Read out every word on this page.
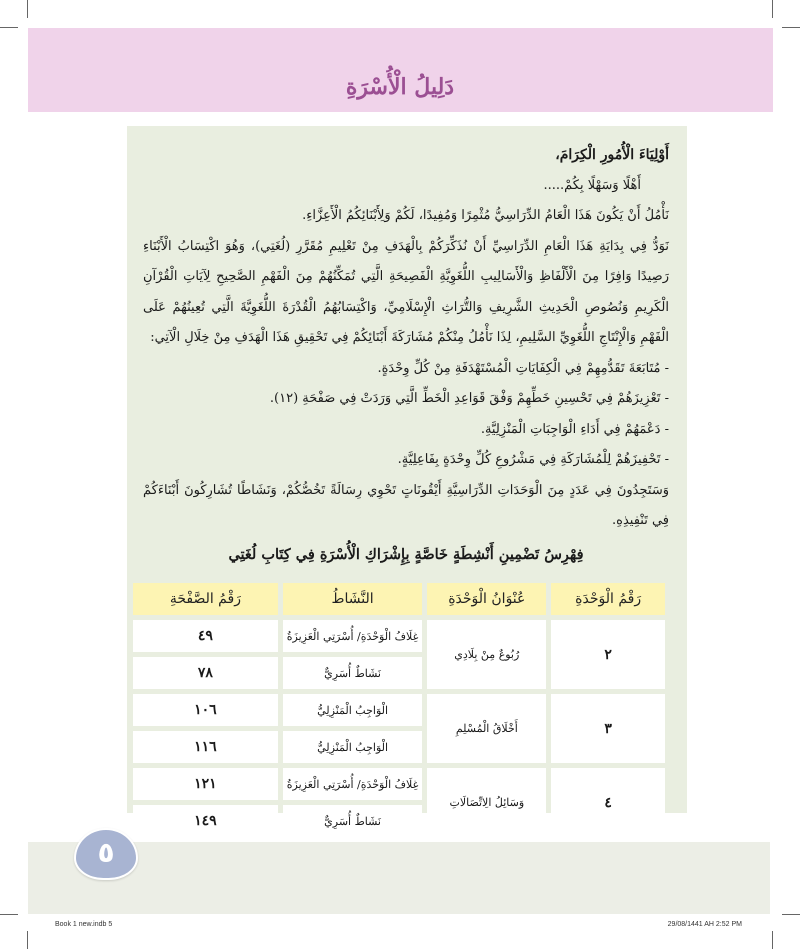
دَلِيلُ الْأُسْرَةِ

أَوْلِيَاءَ الْأُمُورِ الْكِرَامَ،

أَهْلًا وَسَهْلًا بِكُمْ.....

نَأْمُلُ أَنْ يَكُونَ هَذَا الْعَامُ الدِّرَاسِيُّ مُثْمِرًا وَمُفِيدًا، لَكُمْ وَلِأَبْنَائِكُمُ الْأَعِزَّاءِ.

نَوَدُّ فِي بِدَايَةِ هَذَا الْعَامِ الدِّرَاسِيِّ أَنْ نُذَكِّرَكُمْ بِالْهَدَفِ مِنْ تَعْلِيمِ مُقَرَّرِ (لُغَتِي)، وَهُوَ اكْتِسَابُ الْأَبْنَاءِ رَصِيدًا وَافِرًا مِنَ الْأَلْفَاظِ وَالْأَسَالِيبِ اللُّغَوِيَّةِ الْفَصِيحَةِ الَّتِي تُمَكِّنُهُمْ مِنَ الْفَهْمِ الصَّحِيحِ لِآيَاتِ الْقُرْآنِ الْكَرِيمِ وَنُصُوصِ الْحَدِيثِ الشَّرِيفِ وَالتُّرَاثِ الْإِسْلَامِيِّ، وَاكْتِسَابُهُمُ الْقُدْرَةَ اللُّغَوِيَّةَ الَّتِي تُعِينُهُمْ عَلَى الْفَهْمِ وَالْإِنْتَاجِ اللُّغَوِيِّ السَّلِيمِ، لِذَا نَأْمُلُ مِنْكُمْ مُشَارَكَةَ أَبْنَائِكُمْ فِي تَحْقِيقِ هَذَا الْهَدَفِ مِنْ خِلَالِ الْآتِي:

- مُتَابَعَةَ تَقَدُّمِهِمْ فِي الْكِفَايَاتِ الْمُسْتَهْدَفَةِ مِنْ كُلِّ وِحْدَةٍ.

- تَعْزِيزَهُمْ فِي تَحْسِينِ خَطِّهِمْ وَفْقَ قَوَاعِدِ الْخَطِّ الَّتِي وَرَدَتْ فِي صَفْحَةِ (١٢).

- دَعْمَهُمْ فِي أَدَاءِ الْوَاجِبَاتِ الْمَنْزِلِيَّةِ.

- تَحْفِيزَهُمْ لِلْمُشَارَكَةِ فِي مَشْرُوعِ كُلِّ وِحْدَةٍ بِفَاعِلِيَّةٍ.

وَسَتَجِدُونَ فِي عَدَدٍ مِنَ الْوَحَدَاتِ الدِّرَاسِيَّةِ أَيْقُونَاتٍ تَحْوِي رِسَالَةً تَخُصُّكُمْ، وَنَشَاطًا تُشَارِكُونَ أَبْنَاءَكُمْ فِي تَنْفِيذِهِ.

فِهْرِسُ تَضْمِينِ أَنْشِطَةٍ خَاصَّةٍ بِإِشْرَاكِ الْأُسْرَةِ فِي كِتَابِ لُغَتِي
رَقْمُ الْوَحْدَةِ	عُنْوَانُ الْوَحْدَةِ	النَّشَاطُ	رَقْمُ الصَّفْحَةِ
٢	رُبُوعٌ مِنْ بِلَادِي	غِلَافُ الْوَحْدَةِ/ أُسْرَتِي الْعَزِيزَةُ	٤٩
		نَشَاطٌ أُسَرِيٌّ	٧٨
٣	أَخْلَاقُ الْمُسْلِمِ	الْوَاجِبُ الْمَنْزِلِيُّ	١٠٦
		الْوَاجِبُ الْمَنْزِلِيُّ	١١٦
٤	وَسَائِلُ الِاتِّصَالَاتِ	غِلَافُ الْوَحْدَةِ/ أُسْرَتِي الْعَزِيزَةُ	١٢١
		نَشَاطٌ أُسَرِيٌّ	١٤٩
٥
Book 1 new.indb 5	29/08/1441 AH 2:52 PM
